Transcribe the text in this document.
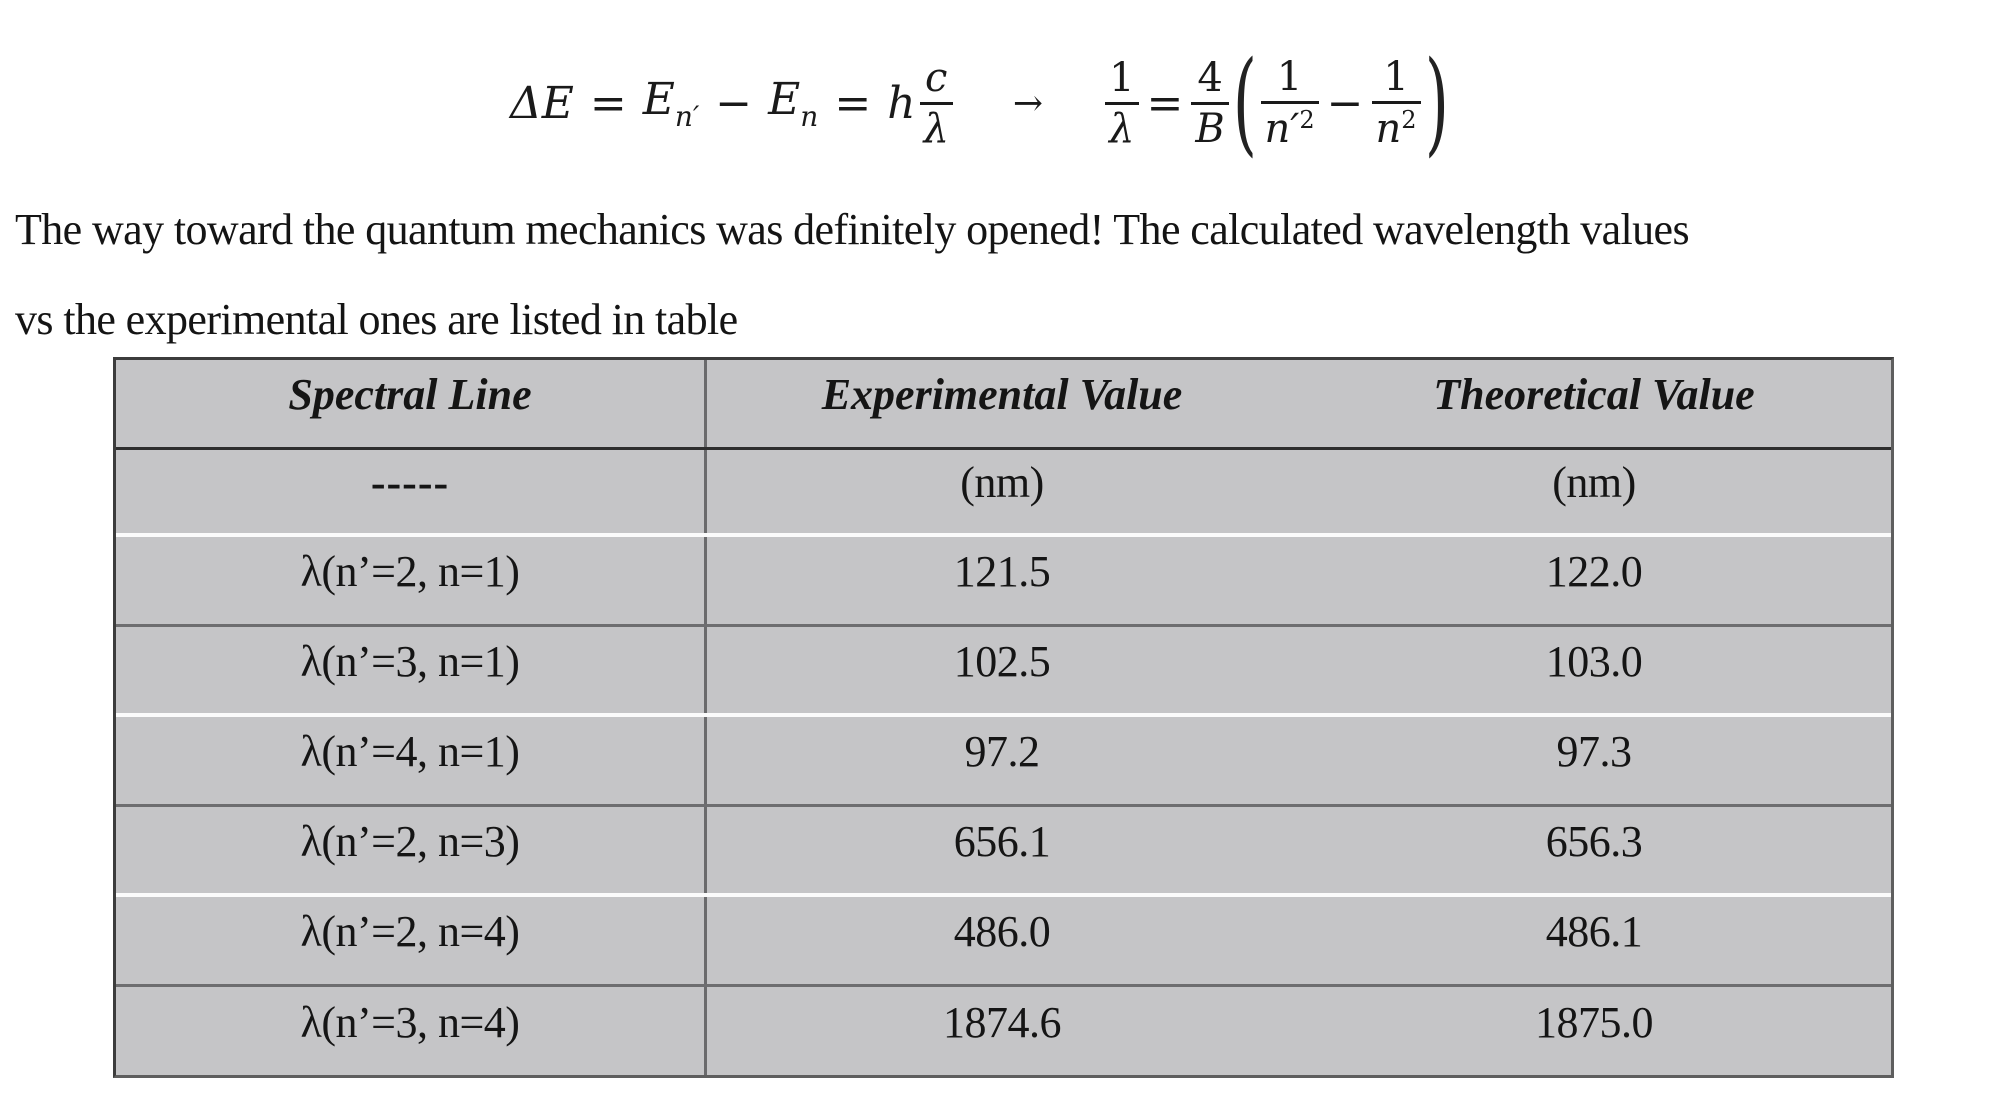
$\Delta E = E_{n'} - E_n = h \frac{c}{\lambda} \to \frac{1}{\lambda} = \frac{4}{B}$ ( $\frac{1}{n'^2} - \frac{1}{n^2}$ )
The way toward the quantum mechanics was definitely opened! The calculated wavelength values
vs the experimental ones are listed in table
Spectral Line	Experimental Value	Theoretical Value
-----	(nm)	(nm)
λ(n’=2, n=1)	121.5	122.0
λ(n’=3, n=1)	102.5	103.0
λ(n’=4, n=1)	97.2	97.3
λ(n’=2, n=3)	656.1	656.3
λ(n’=2, n=4)	486.0	486.1
λ(n’=3, n=4)	1874.6	1875.0
